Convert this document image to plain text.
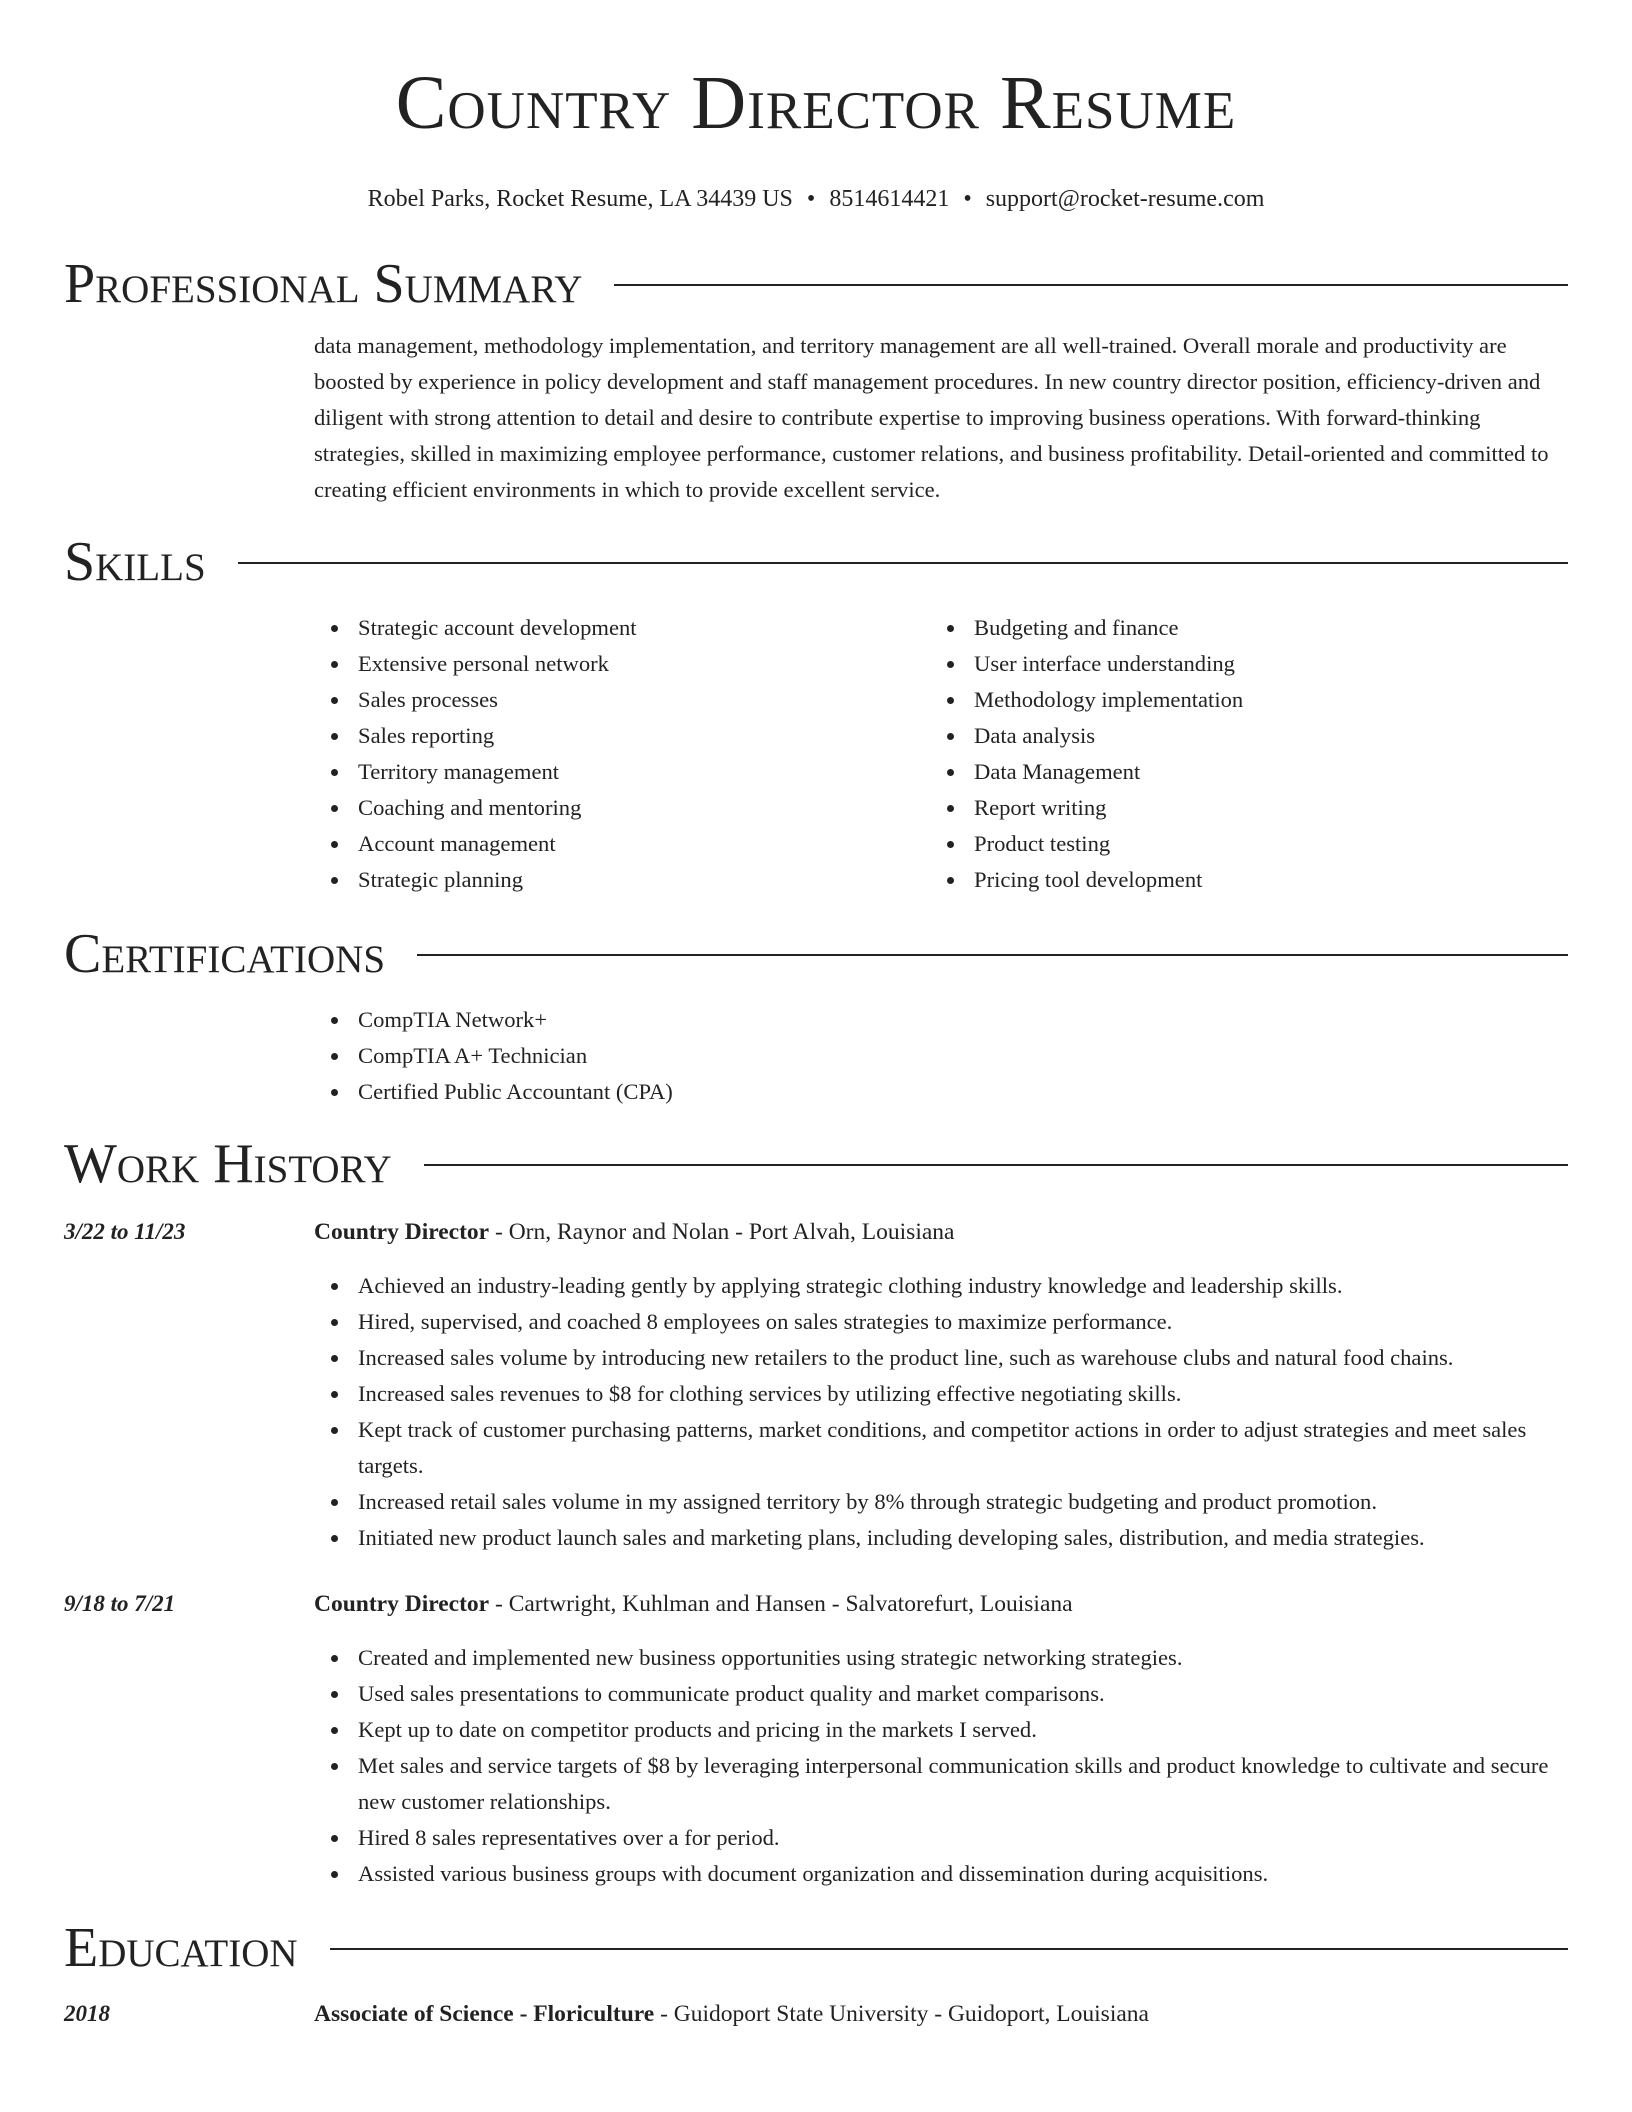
Country Director Resume
Robel Parks, Rocket Resume, LA 34439 US • 8514614421 • support@rocket-resume.com
Professional Summary
data management, methodology implementation, and territory management are all well-trained. Overall morale and productivity are boosted by experience in policy development and staff management procedures. In new country director position, efficiency-driven and diligent with strong attention to detail and desire to contribute expertise to improving business operations. With forward-thinking strategies, skilled in maximizing employee performance, customer relations, and business profitability. Detail-oriented and committed to creating efficient environments in which to provide excellent service.
Skills
Strategic account development
Extensive personal network
Sales processes
Sales reporting
Territory management
Coaching and mentoring
Account management
Strategic planning
Budgeting and finance
User interface understanding
Methodology implementation
Data analysis
Data Management
Report writing
Product testing
Pricing tool development
Certifications
CompTIA Network+
CompTIA A+ Technician
Certified Public Accountant (CPA)
Work History
3/22 to 11/23	Country Director - Orn, Raynor and Nolan - Port Alvah, Louisiana
Achieved an industry-leading gently by applying strategic clothing industry knowledge and leadership skills.
Hired, supervised, and coached 8 employees on sales strategies to maximize performance.
Increased sales volume by introducing new retailers to the product line, such as warehouse clubs and natural food chains.
Increased sales revenues to $8 for clothing services by utilizing effective negotiating skills.
Kept track of customer purchasing patterns, market conditions, and competitor actions in order to adjust strategies and meet sales targets.
Increased retail sales volume in my assigned territory by 8% through strategic budgeting and product promotion.
Initiated new product launch sales and marketing plans, including developing sales, distribution, and media strategies.
9/18 to 7/21	Country Director - Cartwright, Kuhlman and Hansen - Salvatorefurt, Louisiana
Created and implemented new business opportunities using strategic networking strategies.
Used sales presentations to communicate product quality and market comparisons.
Kept up to date on competitor products and pricing in the markets I served.
Met sales and service targets of $8 by leveraging interpersonal communication skills and product knowledge to cultivate and secure new customer relationships.
Hired 8 sales representatives over a for period.
Assisted various business groups with document organization and dissemination during acquisitions.
Education
2018	Associate of Science - Floriculture - Guidoport State University - Guidoport, Louisiana
